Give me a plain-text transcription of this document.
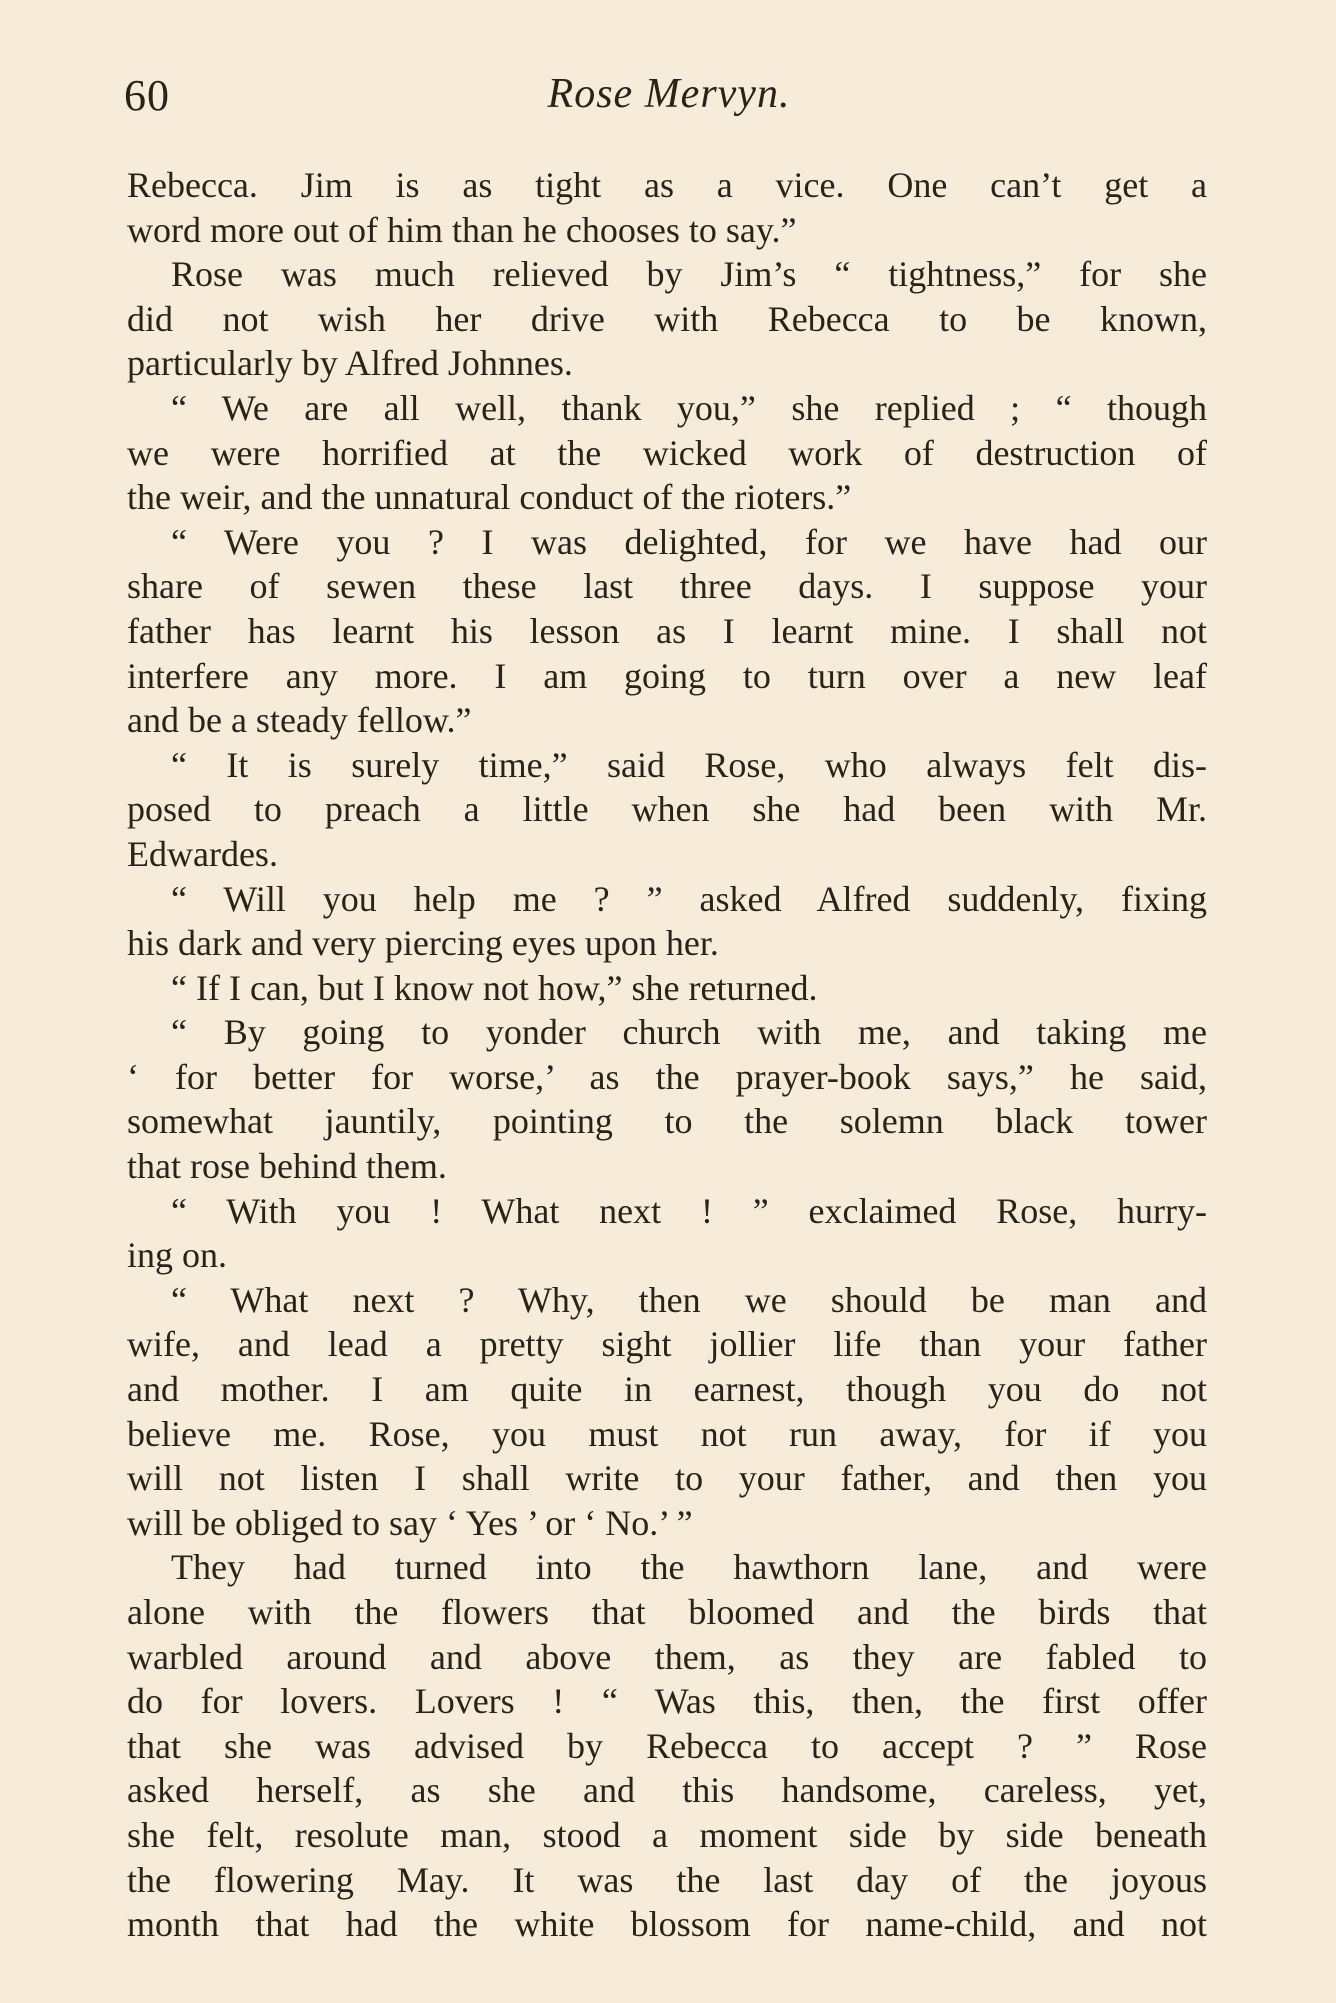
60	Rose Mervyn.
Rebecca. Jim is as tight as a vice. One can’t get a
word more out of him than he chooses to say.”
Rose was much relieved by Jim’s “ tightness,” for she
did not wish her drive with Rebecca to be known,
particularly by Alfred Johnnes.
“ We are all well, thank you,” she replied ; “ though
we were horrified at the wicked work of destruction of
the weir, and the unnatural conduct of the rioters.”
“ Were you ? I was delighted, for we have had our
share of sewen these last three days. I suppose your
father has learnt his lesson as I learnt mine. I shall not
interfere any more. I am going to turn over a new leaf
and be a steady fellow.”
“ It is surely time,” said Rose, who always felt dis-
posed to preach a little when she had been with Mr.
Edwardes.
“ Will you help me ? ” asked Alfred suddenly, fixing
his dark and very piercing eyes upon her.
“ If I can, but I know not how,” she returned.
“ By going to yonder church with me, and taking me
‘ for better for worse,’ as the prayer-book says,” he said,
somewhat jauntily, pointing to the solemn black tower
that rose behind them.
“ With you ! What next ! ” exclaimed Rose, hurry-
ing on.
“ What next ? Why, then we should be man and
wife, and lead a pretty sight jollier life than your father
and mother. I am quite in earnest, though you do not
believe me. Rose, you must not run away, for if you
will not listen I shall write to your father, and then you
will be obliged to say ‘ Yes ’ or ‘ No.’ ”
They had turned into the hawthorn lane, and were
alone with the flowers that bloomed and the birds that
warbled around and above them, as they are fabled to
do for lovers. Lovers ! “ Was this, then, the first offer
that she was advised by Rebecca to accept ? ” Rose
asked herself, as she and this handsome, careless, yet,
she felt, resolute man, stood a moment side by side beneath
the flowering May. It was the last day of the joyous
month that had the white blossom for name-child, and not
